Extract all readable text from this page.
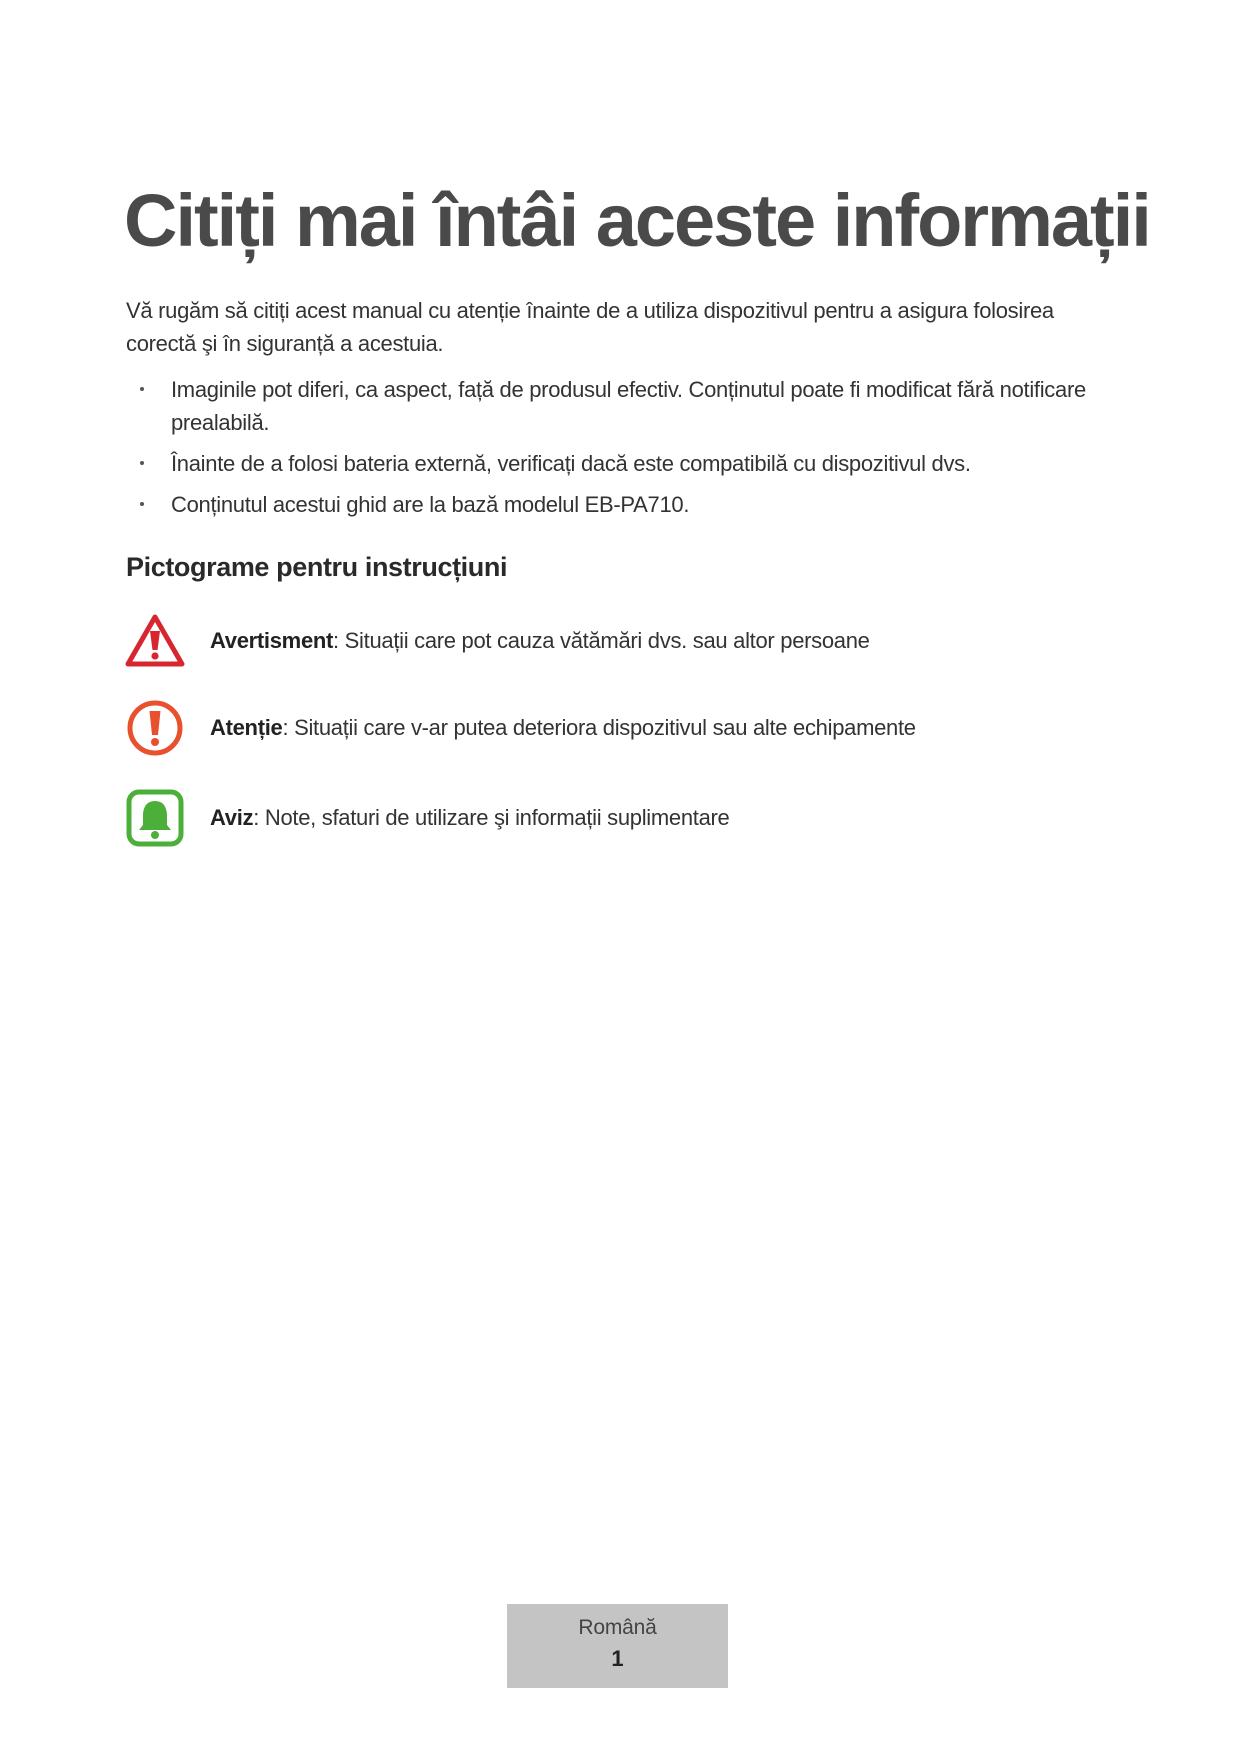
Citiți mai întâi aceste informații

Vă rugăm să citiți acest manual cu atenție înainte de a utiliza dispozitivul pentru a asigura folosirea corectă şi în siguranță a acestuia.

Imaginile pot diferi, ca aspect, față de produsul efectiv. Conținutul poate fi modificat fără notificare prealabilă.
Înainte de a folosi bateria externă, verificați dacă este compatibilă cu dispozitivul dvs.
Conținutul acestui ghid are la bază modelul EB-PA710.
Pictograme pentru instrucțiuni
Avertisment: Situații care pot cauza vătămări dvs. sau altor persoane
Atenție: Situații care v-ar putea deteriora dispozitivul sau alte echipamente
Aviz: Note, sfaturi de utilizare şi informații suplimentare
Română
1
